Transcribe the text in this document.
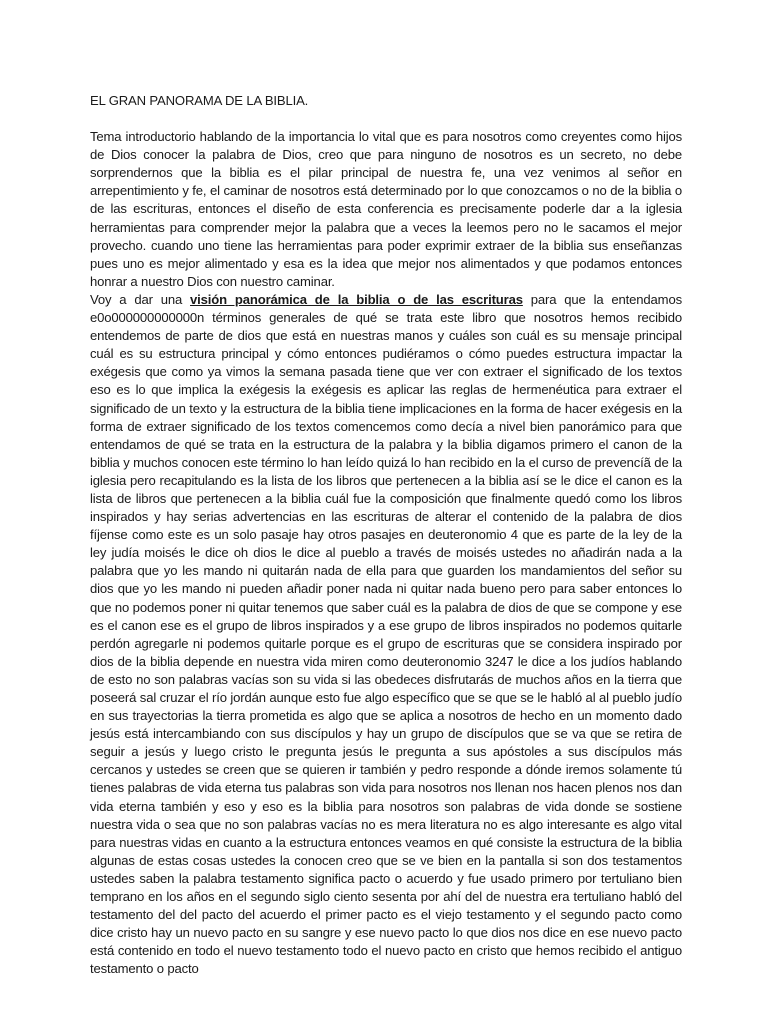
EL GRAN PANORAMA DE LA BIBLIA.

Tema introductorio hablando de la importancia lo vital que es para nosotros como creyentes como hijos de Dios conocer la palabra de Dios, creo que para ninguno de nosotros es un secreto, no debe sorprendernos que la biblia es el pilar principal de nuestra fe, una vez venimos al señor en arrepentimiento y fe, el caminar de nosotros está determinado por lo que conozcamos o no de la biblia o de las escrituras, entonces el diseño de esta conferencia es precisamente poderle dar a la iglesia herramientas para comprender mejor la palabra que a veces la leemos pero no le sacamos el mejor provecho. cuando uno tiene las herramientas para poder exprimir extraer de la biblia sus enseñanzas pues uno es mejor alimentado y esa es la idea que mejor nos alimentados y que podamos entonces honrar a nuestro Dios con nuestro caminar.

Voy a dar una visión panorámica de la biblia o de las escrituras para que la entendamos e0o000000000000n términos generales de qué se trata este libro que nosotros hemos recibido entendemos de parte de dios que está en nuestras manos y cuáles son cuál es su mensaje principal cuál es su estructura principal y cómo entonces pudiéramos o cómo puedes estructura impactar la exégesis que como ya vimos la semana pasada tiene que ver con extraer el significado de los textos eso es lo que implica la exégesis la exégesis es aplicar las reglas de hermenéutica para extraer el significado de un texto y la estructura de la biblia tiene implicaciones en la forma de hacer exégesis en la forma de extraer significado de los textos comencemos como decía a nivel bien panorámico para que entendamos de qué se trata en la estructura de la palabra y la biblia digamos primero el canon de la biblia y muchos conocen este término lo han leído quizá lo han recibido en la el curso de prevencíã de la iglesia pero recapitulando es la lista de los libros que pertenecen a la biblia así se le dice el canon es la lista de libros que pertenecen a la biblia cuál fue la composición que finalmente quedó como los libros inspirados y hay serias advertencias en las escrituras de alterar el contenido de la palabra de dios fíjense como este es un solo pasaje hay otros pasajes en deuteronomio 4 que es parte de la ley de la ley judía moisés le dice oh dios le dice al pueblo a través de moisés ustedes no añadirán nada a la palabra que yo les mando ni quitarán nada de ella para que guarden los mandamientos del señor su dios que yo les mando ni pueden añadir poner nada ni quitar nada bueno pero para saber entonces lo que no podemos poner ni quitar tenemos que saber cuál es la palabra de dios de que se compone y ese es el canon ese es el grupo de libros inspirados y a ese grupo de libros inspirados no podemos quitarle perdón agregarle ni podemos quitarle porque es el grupo de escrituras que se considera inspirado por dios de la biblia depende en nuestra vida miren como deuteronomio 3247 le dice a los judíos hablando de esto no son palabras vacías son su vida si las obedeces disfrutarás de muchos años en la tierra que poseerá sal cruzar el río jordán aunque esto fue algo específico que se que se le habló al al pueblo judío en sus trayectorias la tierra prometida es algo que se aplica a nosotros de hecho en un momento dado jesús está intercambiando con sus discípulos y hay un grupo de discípulos que se va que se retira de seguir a jesús y luego cristo le pregunta jesús le pregunta a sus apóstoles a sus discípulos más cercanos y ustedes se creen que se quieren ir también y pedro responde a dónde iremos solamente tú tienes palabras de vida eterna tus palabras son vida para nosotros nos llenan nos hacen plenos nos dan vida eterna también y eso y eso es la biblia para nosotros son palabras de vida donde se sostiene nuestra vida o sea que no son palabras vacías no es mera literatura no es algo interesante es algo vital para nuestras vidas en cuanto a la estructura entonces veamos en qué consiste la estructura de la biblia algunas de estas cosas ustedes la conocen creo que se ve bien en la pantalla si son dos testamentos ustedes saben la palabra testamento significa pacto o acuerdo y fue usado primero por tertuliano bien temprano en los años en el segundo siglo ciento sesenta por ahí del de nuestra era tertuliano habló del testamento del del pacto del acuerdo el primer pacto es el viejo testamento y el segundo pacto como dice cristo hay un nuevo pacto en su sangre y ese nuevo pacto lo que dios nos dice en ese nuevo pacto está contenido en todo el nuevo testamento todo el nuevo pacto en cristo que hemos recibido el antiguo testamento o pacto
